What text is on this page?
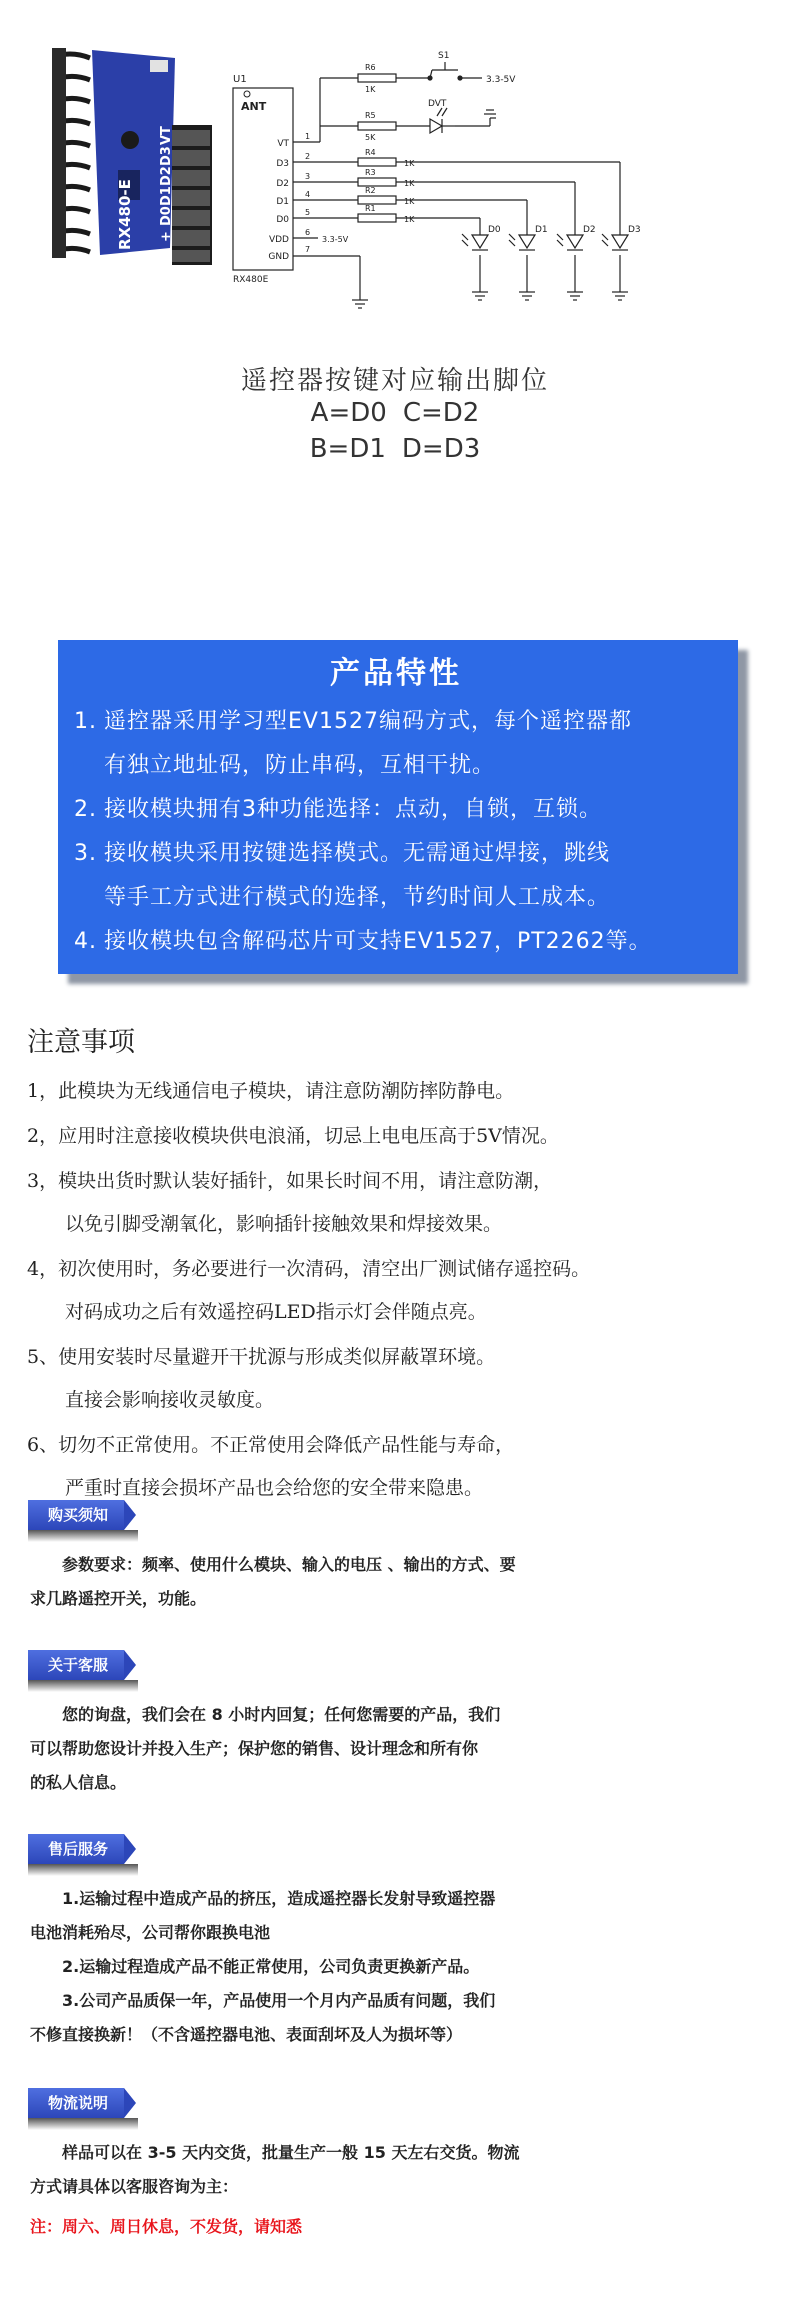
RX480-E
VT
D3
D2
D1
D0
+
-
U1
ANT
RX480E
VT
D3
D2
D1
D0
VDD
GND
1
2
3
4
5
6
7
R6
1K
R5
5K
R4
1K
R3
1K
R2
1K
R1
1K
S1
3.3-5V
DVT
3.3-5V
D0	D1	D2	D3
遥控器按键对应输出脚位
A=D0 C=D2
B=D1 D=D3
产品特性
1. 遥控器采用学习型EV1527编码方式，每个遥控器都
有独立地址码，防止串码，互相干扰。
2. 接收模块拥有3种功能选择：点动，自锁，互锁。
3. 接收模块采用按键选择模式。无需通过焊接，跳线
等手工方式进行模式的选择，节约时间人工成本。
4. 接收模块包含解码芯片可支持EV1527，PT2262等。
注意事项
1，此模块为无线通信电子模块，请注意防潮防摔防静电。
2，应用时注意接收模块供电浪涌，切忌上电电压高于5V情况。
3，模块出货时默认装好插针，如果长时间不用，请注意防潮，
以免引脚受潮氧化，影响插针接触效果和焊接效果。
4，初次使用时，务必要进行一次清码，清空出厂测试储存遥控码。
对码成功之后有效遥控码LED指示灯会伴随点亮。
5、使用安装时尽量避开干扰源与形成类似屏蔽罩环境。
直接会影响接收灵敏度。
6、切勿不正常使用。不正常使用会降低产品性能与寿命，
严重时直接会损坏产品也会给您的安全带来隐患。
购买须知
参数要求：频率、使用什么模块、输入的电压 、输出的方式、要
求几路遥控开关，功能。
关于客服
您的询盘，我们会在 8 小时内回复；任何您需要的产品，我们
可以帮助您设计并投入生产；保护您的销售、设计理念和所有你
的私人信息。
售后服务
1.运输过程中造成产品的挤压，造成遥控器长发射导致遥控器
电池消耗殆尽，公司帮你跟换电池
2.运输过程造成产品不能正常使用，公司负责更换新产品。
3.公司产品质保一年，产品使用一个月内产品质有问题，我们
不修直接换新！（不含遥控器电池、表面刮坏及人为损坏等）
物流说明
样品可以在 3-5 天内交货，批量生产一般 15 天左右交货。物流
方式请具体以客服咨询为主：
注：周六、周日休息，不发货，请知悉
